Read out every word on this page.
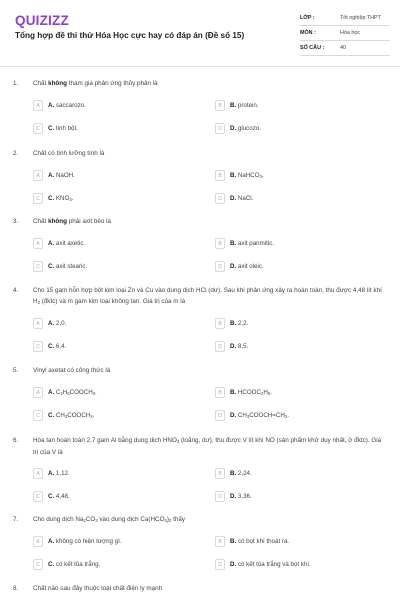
QUIZIZZ
Tổng hợp đề thi thử Hóa Học cực hay có đáp án (Đề số 15)
LỚP :	Tốt nghiệp THPT
MÔN :	Hóa học
SỐ CÂU :	40
1. Chất không tham gia phản ứng thủy phân là
A	A. saccarozo.	B	B. protein.
C	C. tinh bột.	D	D. glucozo.
2. Chất có tính lưỡng tính là
A	A. NaOH.	B	B. NaHCO$_3$.
C	C. $KNO_3$.	D	D. NaCl.
3. Chất không phải axit béo là
A	A. axit axetic.	B	B. axit panmitic.
C	C. axit stearic.	D	D. axit oleic.
4. Cho 15 gam hỗn hợp bột kim loại Zn và Cu vào dung dịch HCl (dư). Sau khi phản ứng xảy ra hoàn toàn, thu được 4,48 lít khí $H_2$ (đktc) và m gam kim loại không tan. Giá trị của m là
A	A. 2,0.	B	B. 2,2.
C	C. 6,4.	D	D. 8,5.
5. Vinyl axetat có công thức là
A	A. $C_2H_5COOCH_3$.	B	B. $HCOOC_2H_5$.
C	C. $CH_3COOCH_3$.	D	D. $CH_3COOCH=CH_2$.
6. Hòa tan hoàn toàn 2,7 gam Al bằng dung dịch $HNO_3$ (loãng, dư), thu được V lít khí NO (sản phẩm khử duy nhất, ở đktc). Giá trị của V là
A	A. 1,12.	B	B. 2,24.
C	C. 4,48.	D	D. 3,36.
7. Cho dung dịch $Na_2CO_3$ vào dung dịch $Ca(HCO_3)_2$ thấy
A	A. không có hiện tượng gì.	B	B. có bọt khí thoát ra.
C	C. có kết tủa trắng.	D	D. có kết tủa trắng và bọt khí.
8. Chất nào sau đây thuộc loại chất điện ly mạnh
